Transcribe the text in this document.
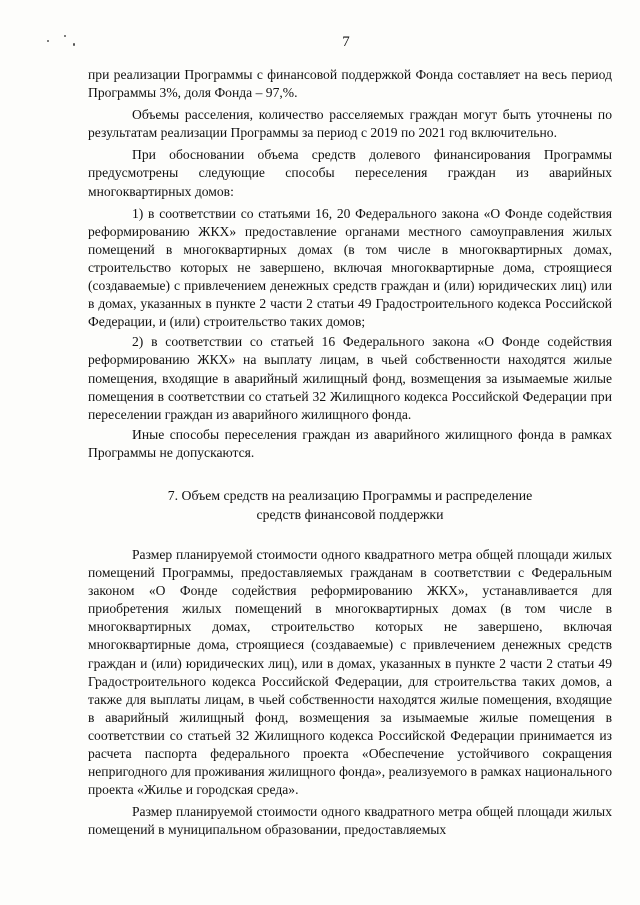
7

при реализации Программы с финансовой поддержкой Фонда составляет на весь период Программы 3%, доля Фонда – 97,%.

Объемы расселения, количество расселяемых граждан могут быть уточнены по результатам реализации Программы за период с 2019 по 2021 год включительно.

При обосновании объема средств долевого финансирования Программы предусмотрены следующие способы переселения граждан из аварийных многоквартирных домов:

1) в соответствии со статьями 16, 20 Федерального закона «О Фонде содействия реформированию ЖКХ» предоставление органами местного самоуправления жилых помещений в многоквартирных домах (в том числе в многоквартирных домах, строительство которых не завершено, включая многоквартирные дома, строящиеся (создаваемые) с привлечением денежных средств граждан и (или) юридических лиц) или в домах, указанных в пункте 2 части 2 статьи 49 Градостроительного кодекса Российской Федерации, и (или) строительство таких домов;

2) в соответствии со статьей 16 Федерального закона «О Фонде содействия реформированию ЖКХ» на выплату лицам, в чьей собственности находятся жилые помещения, входящие в аварийный жилищный фонд, возмещения за изымаемые жилые помещения в соответствии со статьей 32 Жилищного кодекса Российской Федерации при переселении граждан из аварийного жилищного фонда.

Иные способы переселения граждан из аварийного жилищного фонда в рамках Программы не допускаются.

7. Объем средств на реализацию Программы и распределение
средств финансовой поддержки

Размер планируемой стоимости одного квадратного метра общей площади жилых помещений Программы, предоставляемых гражданам в соответствии с Федеральным законом «О Фонде содействия реформированию ЖКХ», устанавливается для приобретения жилых помещений в многоквартирных домах (в том числе в многоквартирных домах, строительство которых не завершено, включая многоквартирные дома, строящиеся (создаваемые) с привлечением денежных средств граждан и (или) юридических лиц), или в домах, указанных в пункте 2 части 2 статьи 49 Градостроительного кодекса Российской Федерации, для строительства таких домов, а также для выплаты лицам, в чьей собственности находятся жилые помещения, входящие в аварийный жилищный фонд, возмещения за изымаемые жилые помещения в соответствии со статьей 32 Жилищного кодекса Российской Федерации принимается из расчета паспорта федерального проекта «Обеспечение устойчивого сокращения непригодного для проживания жилищного фонда», реализуемого в рамках национального проекта «Жилье и городская среда».

Размер планируемой стоимости одного квадратного метра общей площади жилых помещений в муниципальном образовании, предоставляемых
